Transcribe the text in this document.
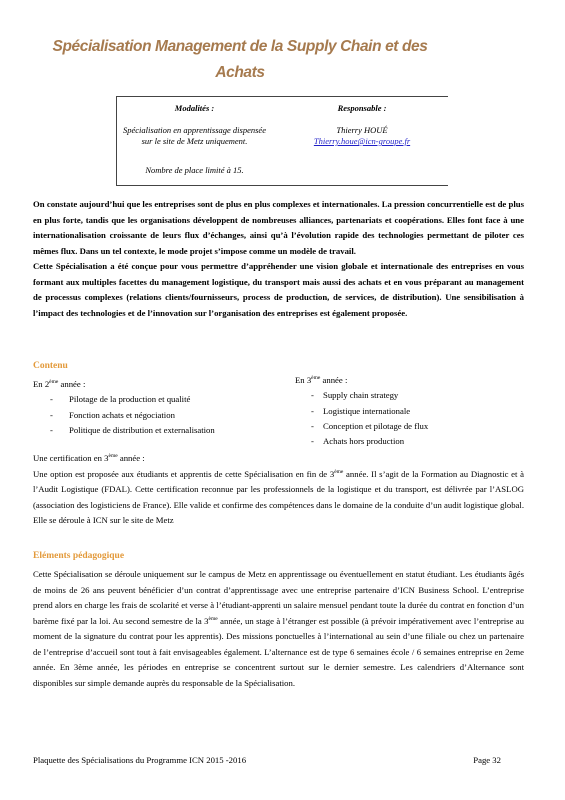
Spécialisation Management de la Supply Chain et des Achats
Modalités :
Spécialisation en apprentissage dispensée sur le site de Metz uniquement.
Nombre de place limité à 15.
Responsable :
Thierry HOUÉ
Thierry.houe@icn-groupe.fr

On constate aujourd’hui que les entreprises sont de plus en plus complexes et internationales. La pression concurrentielle est de plus en plus forte, tandis que les organisations développent de nombreuses alliances, partenariats et coopérations. Elles font face à une internationalisation croissante de leurs flux d’échanges, ainsi qu’à l’évolution rapide des technologies permettant de piloter ces mêmes flux. Dans un tel contexte, le mode projet s’impose comme un modèle de travail.

Cette Spécialisation a été conçue pour vous permettre d’appréhender une vision globale et internationale des entreprises en vous formant aux multiples facettes du management logistique, du transport mais aussi des achats et en vous préparant au management de processus complexes (relations clients/fournisseurs, process de production, de services, de distribution). Une sensibilisation à l’impact des technologies et de l’innovation sur l’organisation des entreprises est également proposée.

Contenu
En 2ème année :
- Pilotage de la production et qualité
- Fonction achats et négociation
- Politique de distribution et externalisation
En 3ème année :
- Supply chain strategy
- Logistique internationale
- Conception et pilotage de flux
- Achats hors production

Une certification en 3ème année :

Une option est proposée aux étudiants et apprentis de cette Spécialisation en fin de 3ème année. Il s’agit de la Formation au Diagnostic et à l’Audit Logistique (FDAL). Cette certification reconnue par les professionnels de la logistique et du transport, est délivrée par l’ASLOG (association des logisticiens de France). Elle valide et confirme des compétences dans le domaine de la conduite d’un audit logistique global. Elle se déroule à ICN sur le site de Metz

Eléments pédagogique

Cette Spécialisation se déroule uniquement sur le campus de Metz en apprentissage ou éventuellement en statut étudiant. Les étudiants âgés de moins de 26 ans peuvent bénéficier d’un contrat d’apprentissage avec une entreprise partenaire d’ICN Business School. L’entreprise prend alors en charge les frais de scolarité et verse à l’étudiant-apprenti un salaire mensuel pendant toute la durée du contrat en fonction d’un barème fixé par la loi. Au second semestre de la 3ème année, un stage à l’étranger est possible (à prévoir impérativement avec l’entreprise au moment de la signature du contrat pour les apprentis). Des missions ponctuelles à l’international au sein d’une filiale ou chez un partenaire de l’entreprise d’accueil sont tout à fait envisageables également. L’alternance est de type 6 semaines école / 6 semaines entreprise en 2eme année. En 3ème année, les périodes en entreprise se concentrent surtout sur le dernier semestre. Les calendriers d’Alternance sont disponibles sur simple demande auprès du responsable de la Spécialisation.

Plaquette des Spécialisations du Programme ICN 2015 -2016	Page 32
